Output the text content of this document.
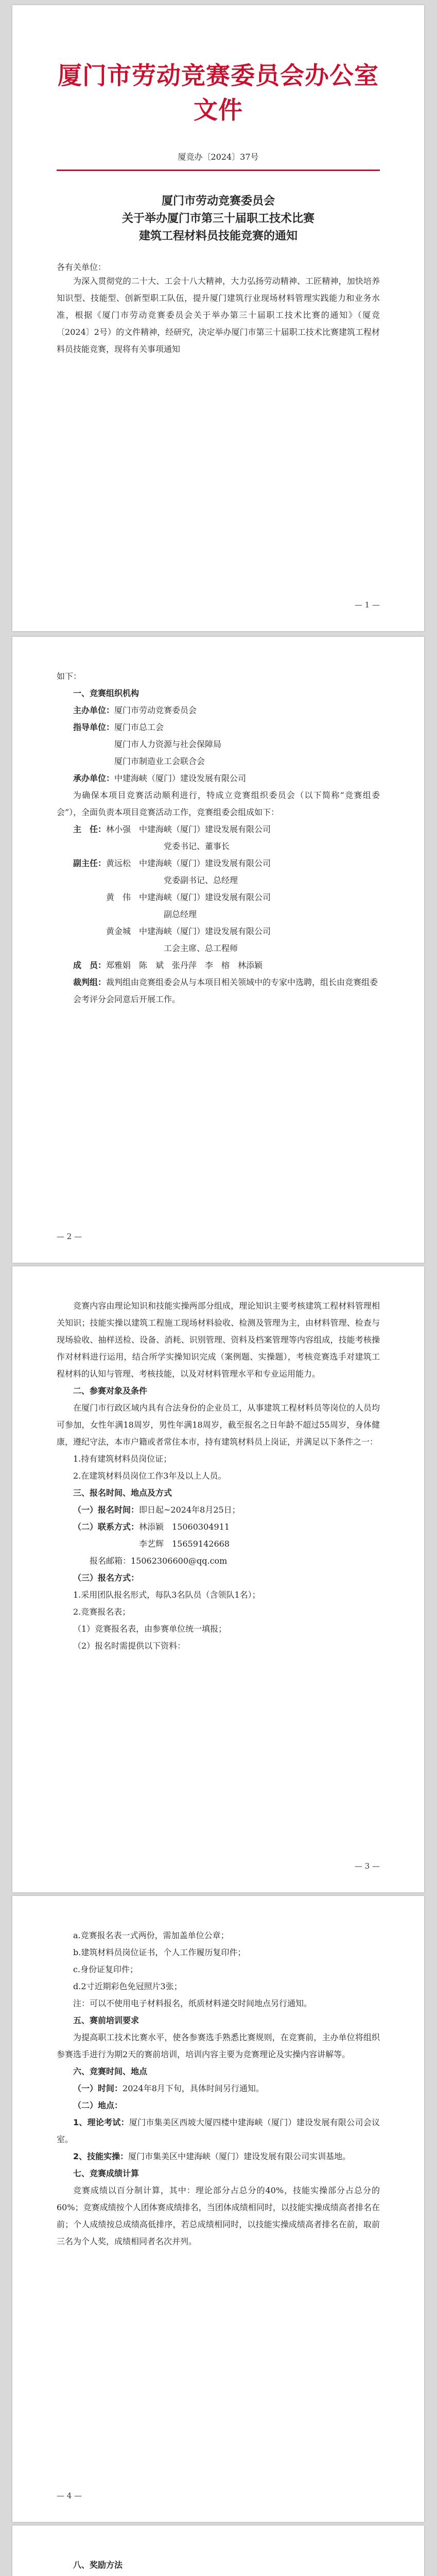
厦门市劳动竞赛委员会办公室文件
厦竞办〔2024〕37号
厦门市劳动竞赛委员会
关于举办厦门市第三十届职工技术比赛
建筑工程材料员技能竞赛的通知
各有关单位：

为深入贯彻党的二十大、工会十八大精神，大力弘扬劳动精神、工匠精神，加快培养知识型、技能型、创新型职工队伍，提升厦门建筑行业现场材料管理实践能力和业务水准，根据《厦门市劳动竞赛委员会关于举办第三十届职工技术比赛的通知》（厦竞〔2024〕2号）的文件精神，经研究，决定举办厦门市第三十届职工技术比赛建筑工程材料员技能竞赛，现将有关事项通知

— 1 —

如下：

一、竞赛组织机构

主办单位：厦门市劳动竞赛委员会
指导单位：厦门市总工会
厦门市人力资源与社会保障局
厦门市制造业工会联合会
承办单位：中建海峡（厦门）建设发展有限公司

为确保本项目竞赛活动顺利进行，特成立竞赛组织委员会（以下简称“竞赛组委会”），全面负责本项目竞赛活动工作，竞赛组委会组成如下：

主　任：林小强　中建海峡（厦门）建设发展有限公司
党委书记、董事长
副主任：黄远松　中建海峡（厦门）建设发展有限公司
党委副书记、总经理
黄　伟　中建海峡（厦门）建设发展有限公司
副总经理
黄金城　中建海峡（厦门）建设发展有限公司
工会主席、总工程师
成　员：郑雅娟　陈　斌　张丹萍　李　榕　林添颖
裁判组：裁判组由竞赛组委会从与本项目相关领域中的专家中选聘，组长由竞赛组委会考评分会同意后开展工作。
— 2 —

竞赛内容由理论知识和技能实操两部分组成，理论知识主要考核建筑工程材料管理相关知识；技能实操以建筑工程施工现场材料验收、检测及管理为主，由材料管理、检查与现场验收、抽样送检、设备、消耗、识别管理、资料及档案管理等内容组成，技能考核操作对材料进行运用，结合所学实操知识完成（案例题、实操题），考核竞赛选手对建筑工程材料的认知与管理、考核技能，以及对材料管理水平和专业运用能力。

二、参赛对象及条件

在厦门市行政区域内具有合法身份的企业员工，从事建筑工程材料员等岗位的人员均可参加，女性年满18周岁，男性年满18周岁，截至报名之日年龄不超过55周岁，身体健康，遵纪守法，本市户籍或者常住本市，持有建筑材料员上岗证，并满足以下条件之一：

1.持有建筑材料员岗位证；
2.在建筑材料员岗位工作3年及以上人员。

三、报名时间、地点及方式

（一）报名时间：即日起~2024年8月25日；
（二）联系方式：林添颖　15060304911
李艺辉　15659142668
报名邮箱：15062306600@qq.com
（三）报名方式：
1.采用团队报名形式，每队3名队员（含领队1名）；
2.竞赛报名表；
（1）竞赛报名表，由参赛单位统一填报；
（2）报名时需提供以下资料：
— 3 —
a.竞赛报名表一式两份，需加盖单位公章；
b.建筑材料员岗位证书，个人工作履历复印件；
c.身份证复印件；
d.2寸近期彩色免冠照片3张；

注：可以不使用电子材料报名，纸质材料递交时间地点另行通知。

五、赛前培训要求

为提高职工技术比赛水平，使各参赛选手熟悉比赛规则，在竞赛前，主办单位将组织参赛选手进行为期2天的赛前培训，培训内容主要为竞赛理论及实操内容讲解等。

六、竞赛时间、地点

（一）时间：2024年8月下旬，具体时间另行通知。
（二）地点：

1、理论考试：厦门市集美区西坡大厦四楼中建海峡（厦门）建设发展有限公司会议室。

2、技能实操：厦门市集美区中建海峡（厦门）建设发展有限公司实训基地。

七、竞赛成绩计算

竞赛成绩以百分制计算，其中：理论部分占总分的40%，技能实操部分占总分的60%；竞赛成绩按个人团体赛成绩排名，当团体成绩相同时，以技能实操成绩高者排名在前；个人成绩按总成绩高低排序，若总成绩相同时，以技能实操成绩高者排名在前，取前三名为个人奖，成绩相同者名次并列。

— 4 —

八、奖励方法
